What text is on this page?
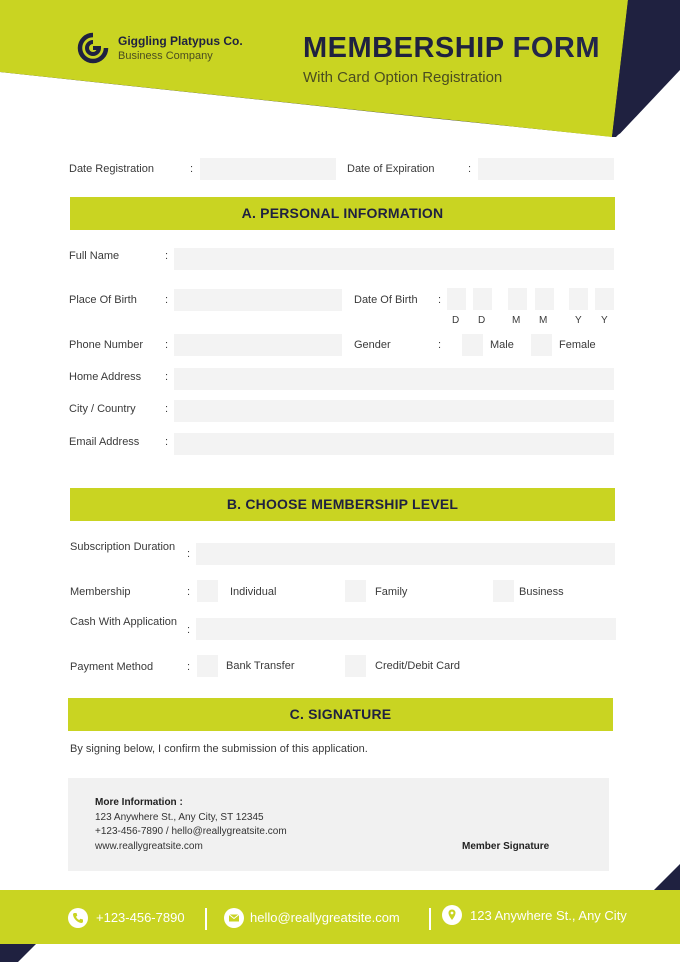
Giggling Platypus Co.
Business Company	MEMBERSHIP FORM
With Card Option Registration
Date Registration	:	Date of Expiration	:
A. PERSONAL INFORMATION
Full Name	:
Place Of Birth	:	Date Of Birth :
D D	M M	Y Y
Phone Number :	Gender	:	Male	Female
Home Address :
City / Country	:
Email Address :
B. CHOOSE MEMBERSHIP LEVEL
Subscription Duration
:
Membership	:	Individual	Family	Business
Cash With Application
:
Payment Method	:	Bank Transfer	Credit/Debit Card
C. SIGNATURE
By signing below, I confirm the submission of this application.
More Information :
123 Anywhere St., Any City, ST 12345
+123-456-7890 / hello@reallygreatsite.com
www.reallygreatsite.com	Member Signature
+123-456-7890	hello@reallygreatsite.com	123 Anywhere St., Any City
